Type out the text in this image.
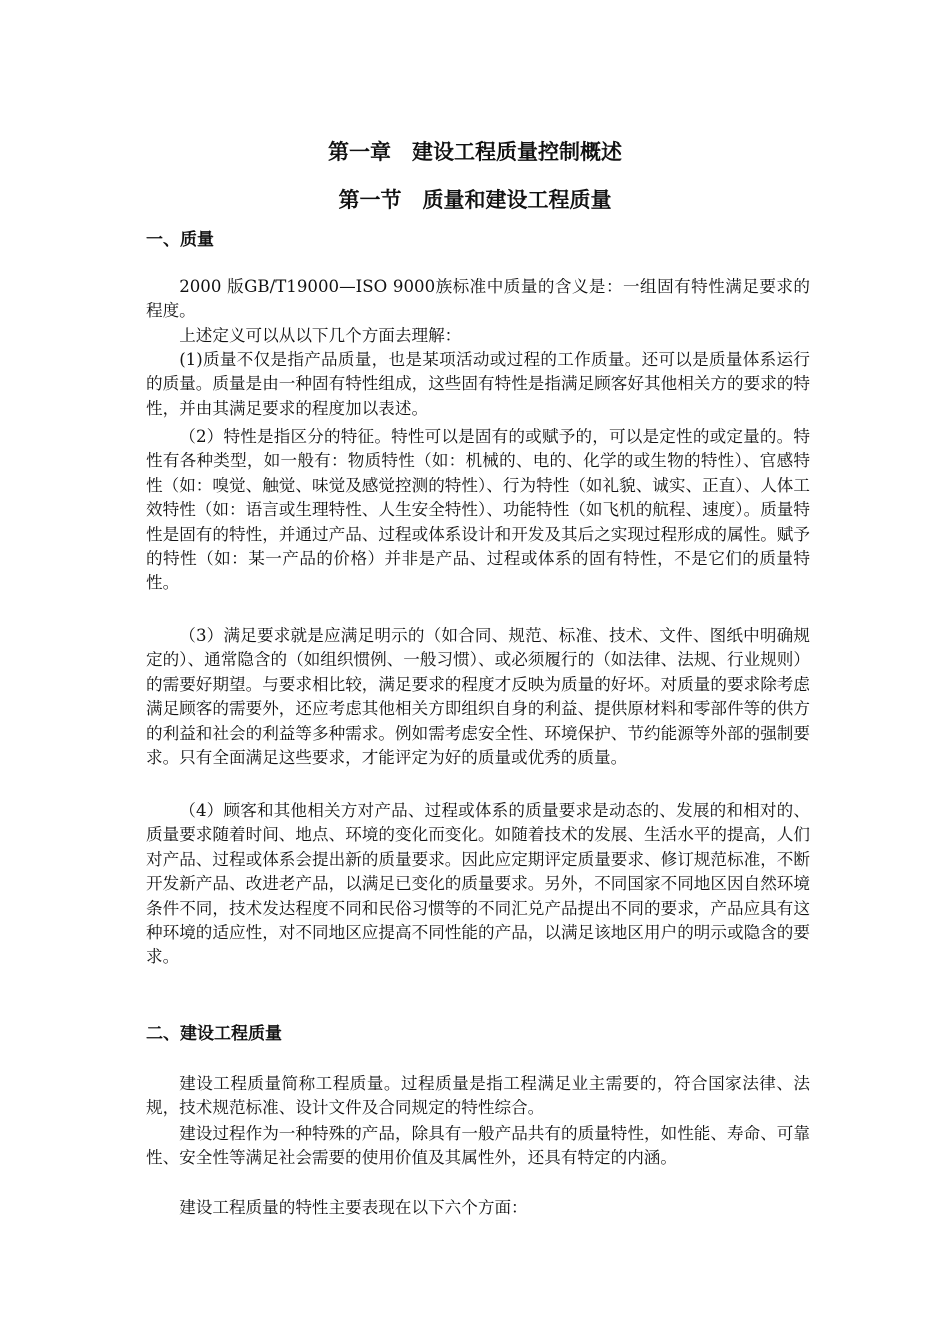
第一章　建设工程质量控制概述
第一节　质量和建设工程质量
一、质量

2000 版GB/T19000—ISO 9000族标准中质量的含义是：一组固有特性满足要求的程度。

上述定义可以从以下几个方面去理解：

(1)质量不仅是指产品质量，也是某项活动或过程的工作质量。还可以是质量体系运行的质量。质量是由一种固有特性组成，这些固有特性是指满足顾客好其他相关方的要求的特性，并由其满足要求的程度加以表述。

（2）特性是指区分的特征。特性可以是固有的或赋予的，可以是定性的或定量的。特性有各种类型，如一般有：物质特性（如：机械的、电的、化学的或生物的特性）、官感特性（如：嗅觉、触觉、味觉及感觉控测的特性）、行为特性（如礼貌、诚实、正直）、人体工效特性（如：语言或生理特性、人生安全特性）、功能特性（如飞机的航程、速度）。质量特性是固有的特性，并通过产品、过程或体系设计和开发及其后之实现过程形成的属性。赋予的特性（如：某一产品的价格）并非是产品、过程或体系的固有特性，不是它们的质量特性。

（3）满足要求就是应满足明示的（如合同、规范、标准、技术、文件、图纸中明确规定的）、通常隐含的（如组织惯例、一般习惯）、或必须履行的（如法律、法规、行业规则）的需要好期望。与要求相比较，满足要求的程度才反映为质量的好坏。对质量的要求除考虑满足顾客的需要外，还应考虑其他相关方即组织自身的利益、提供原材料和零部件等的供方的利益和社会的利益等多种需求。例如需考虑安全性、环境保护、节约能源等外部的强制要求。只有全面满足这些要求，才能评定为好的质量或优秀的质量。

（4）顾客和其他相关方对产品、过程或体系的质量要求是动态的、发展的和相对的、质量要求随着时间、地点、环境的变化而变化。如随着技术的发展、生活水平的提高，人们对产品、过程或体系会提出新的质量要求。因此应定期评定质量要求、修订规范标准，不断开发新产品、改进老产品，以满足已变化的质量要求。另外，不同国家不同地区因自然环境条件不同，技术发达程度不同和民俗习惯等的不同汇兑产品提出不同的要求，产品应具有这种环境的适应性，对不同地区应提高不同性能的产品，以满足该地区用户的明示或隐含的要求。

二、建设工程质量

建设工程质量简称工程质量。过程质量是指工程满足业主需要的，符合国家法律、法规，技术规范标准、设计文件及合同规定的特性综合。

建设过程作为一种特殊的产品，除具有一般产品共有的质量特性，如性能、寿命、可靠性、安全性等满足社会需要的使用价值及其属性外，还具有特定的内涵。

建设工程质量的特性主要表现在以下六个方面：
